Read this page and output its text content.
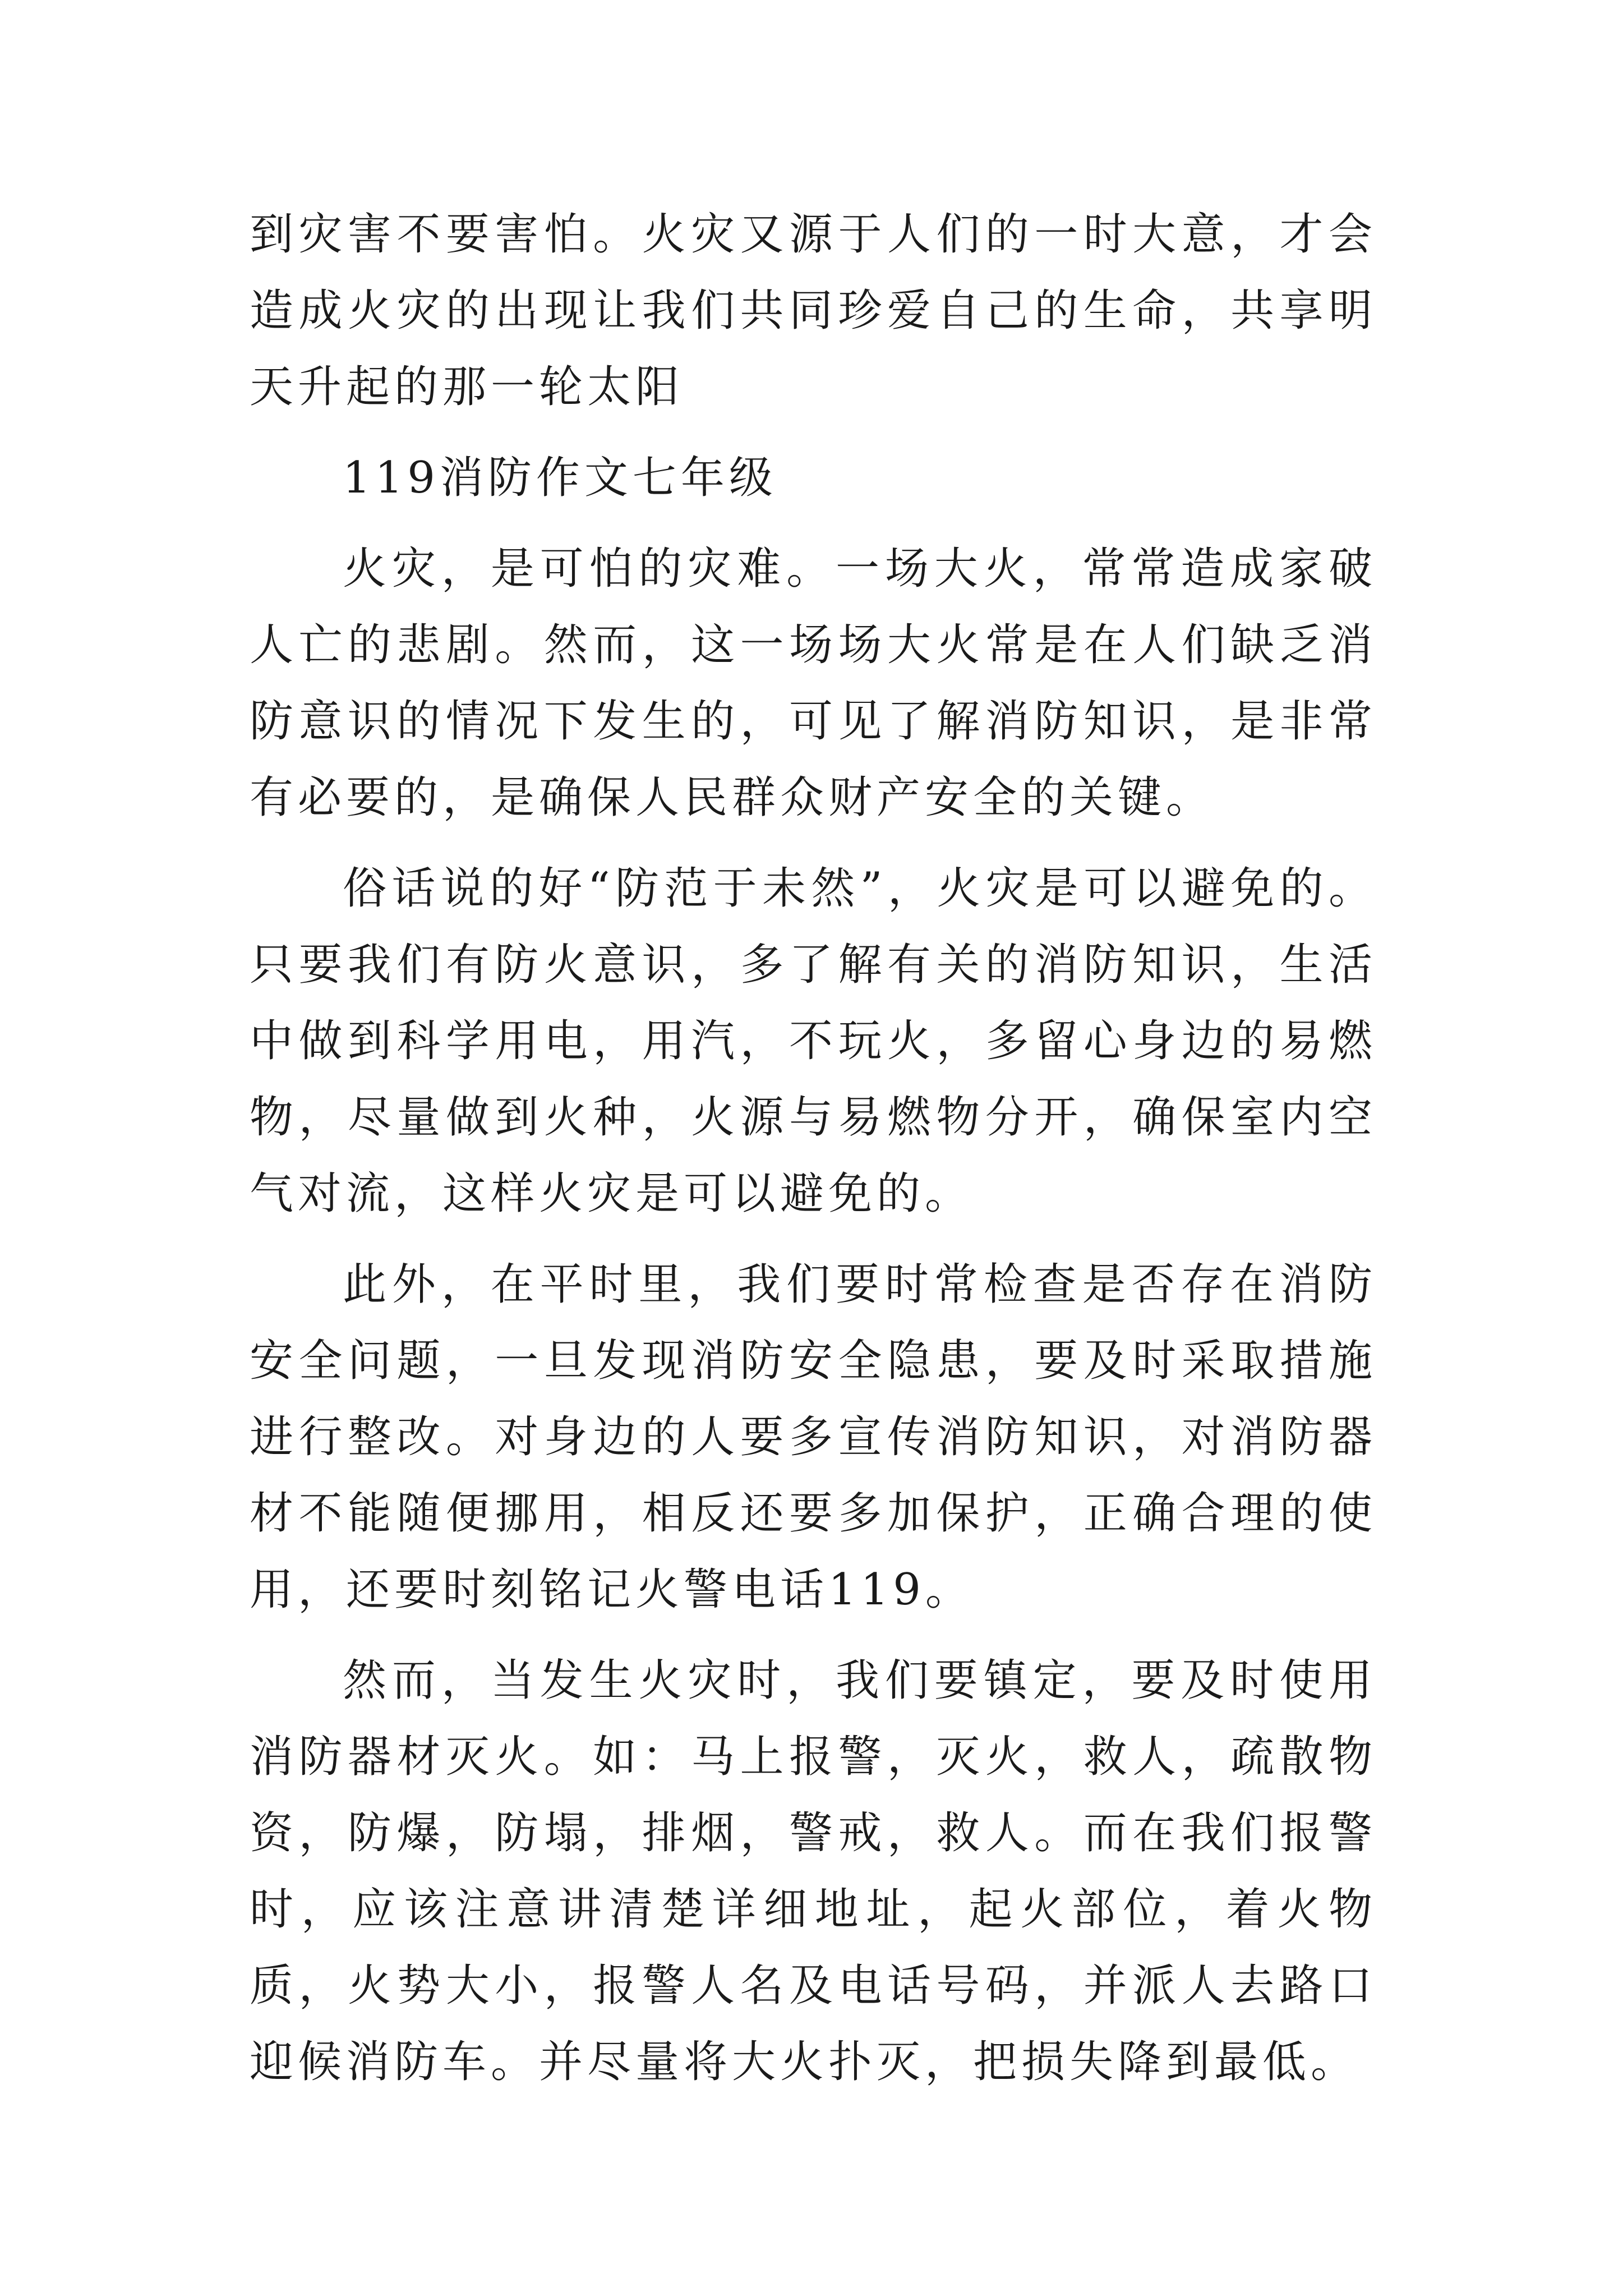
到灾害不要害怕。火灾又源于人们的一时大意，才会造成火灾的出现让我们共同珍爱自己的生命，共享明天升起的那一轮太阳

119消防作文七年级

火灾，是可怕的灾难。一场大火，常常造成家破人亡的悲剧。然而，这一场场大火常是在人们缺乏消防意识的情况下发生的，可见了解消防知识，是非常有必要的，是确保人民群众财产安全的关键。

俗话说的好“防范于未然”，火灾是可以避免的。只要我们有防火意识，多了解有关的消防知识，生活中做到科学用电，用汽，不玩火，多留心身边的易燃物，尽量做到火种，火源与易燃物分开，确保室内空气对流，这样火灾是可以避免的。

此外，在平时里，我们要时常检查是否存在消防安全问题，一旦发现消防安全隐患，要及时采取措施进行整改。对身边的人要多宣传消防知识，对消防器材不能随便挪用，相反还要多加保护，正确合理的使用，还要时刻铭记火警电话119。

然而，当发生火灾时，我们要镇定，要及时使用消防器材灭火。如：马上报警，灭火，救人，疏散物资，防爆，防塌，排烟，警戒，救人。而在我们报警时，应该注意讲清楚详细地址，起火部位，着火物质，火势大小，报警人名及电话号码，并派人去路口迎候消防车。并尽量将大火扑灭，把损失降到最低。
